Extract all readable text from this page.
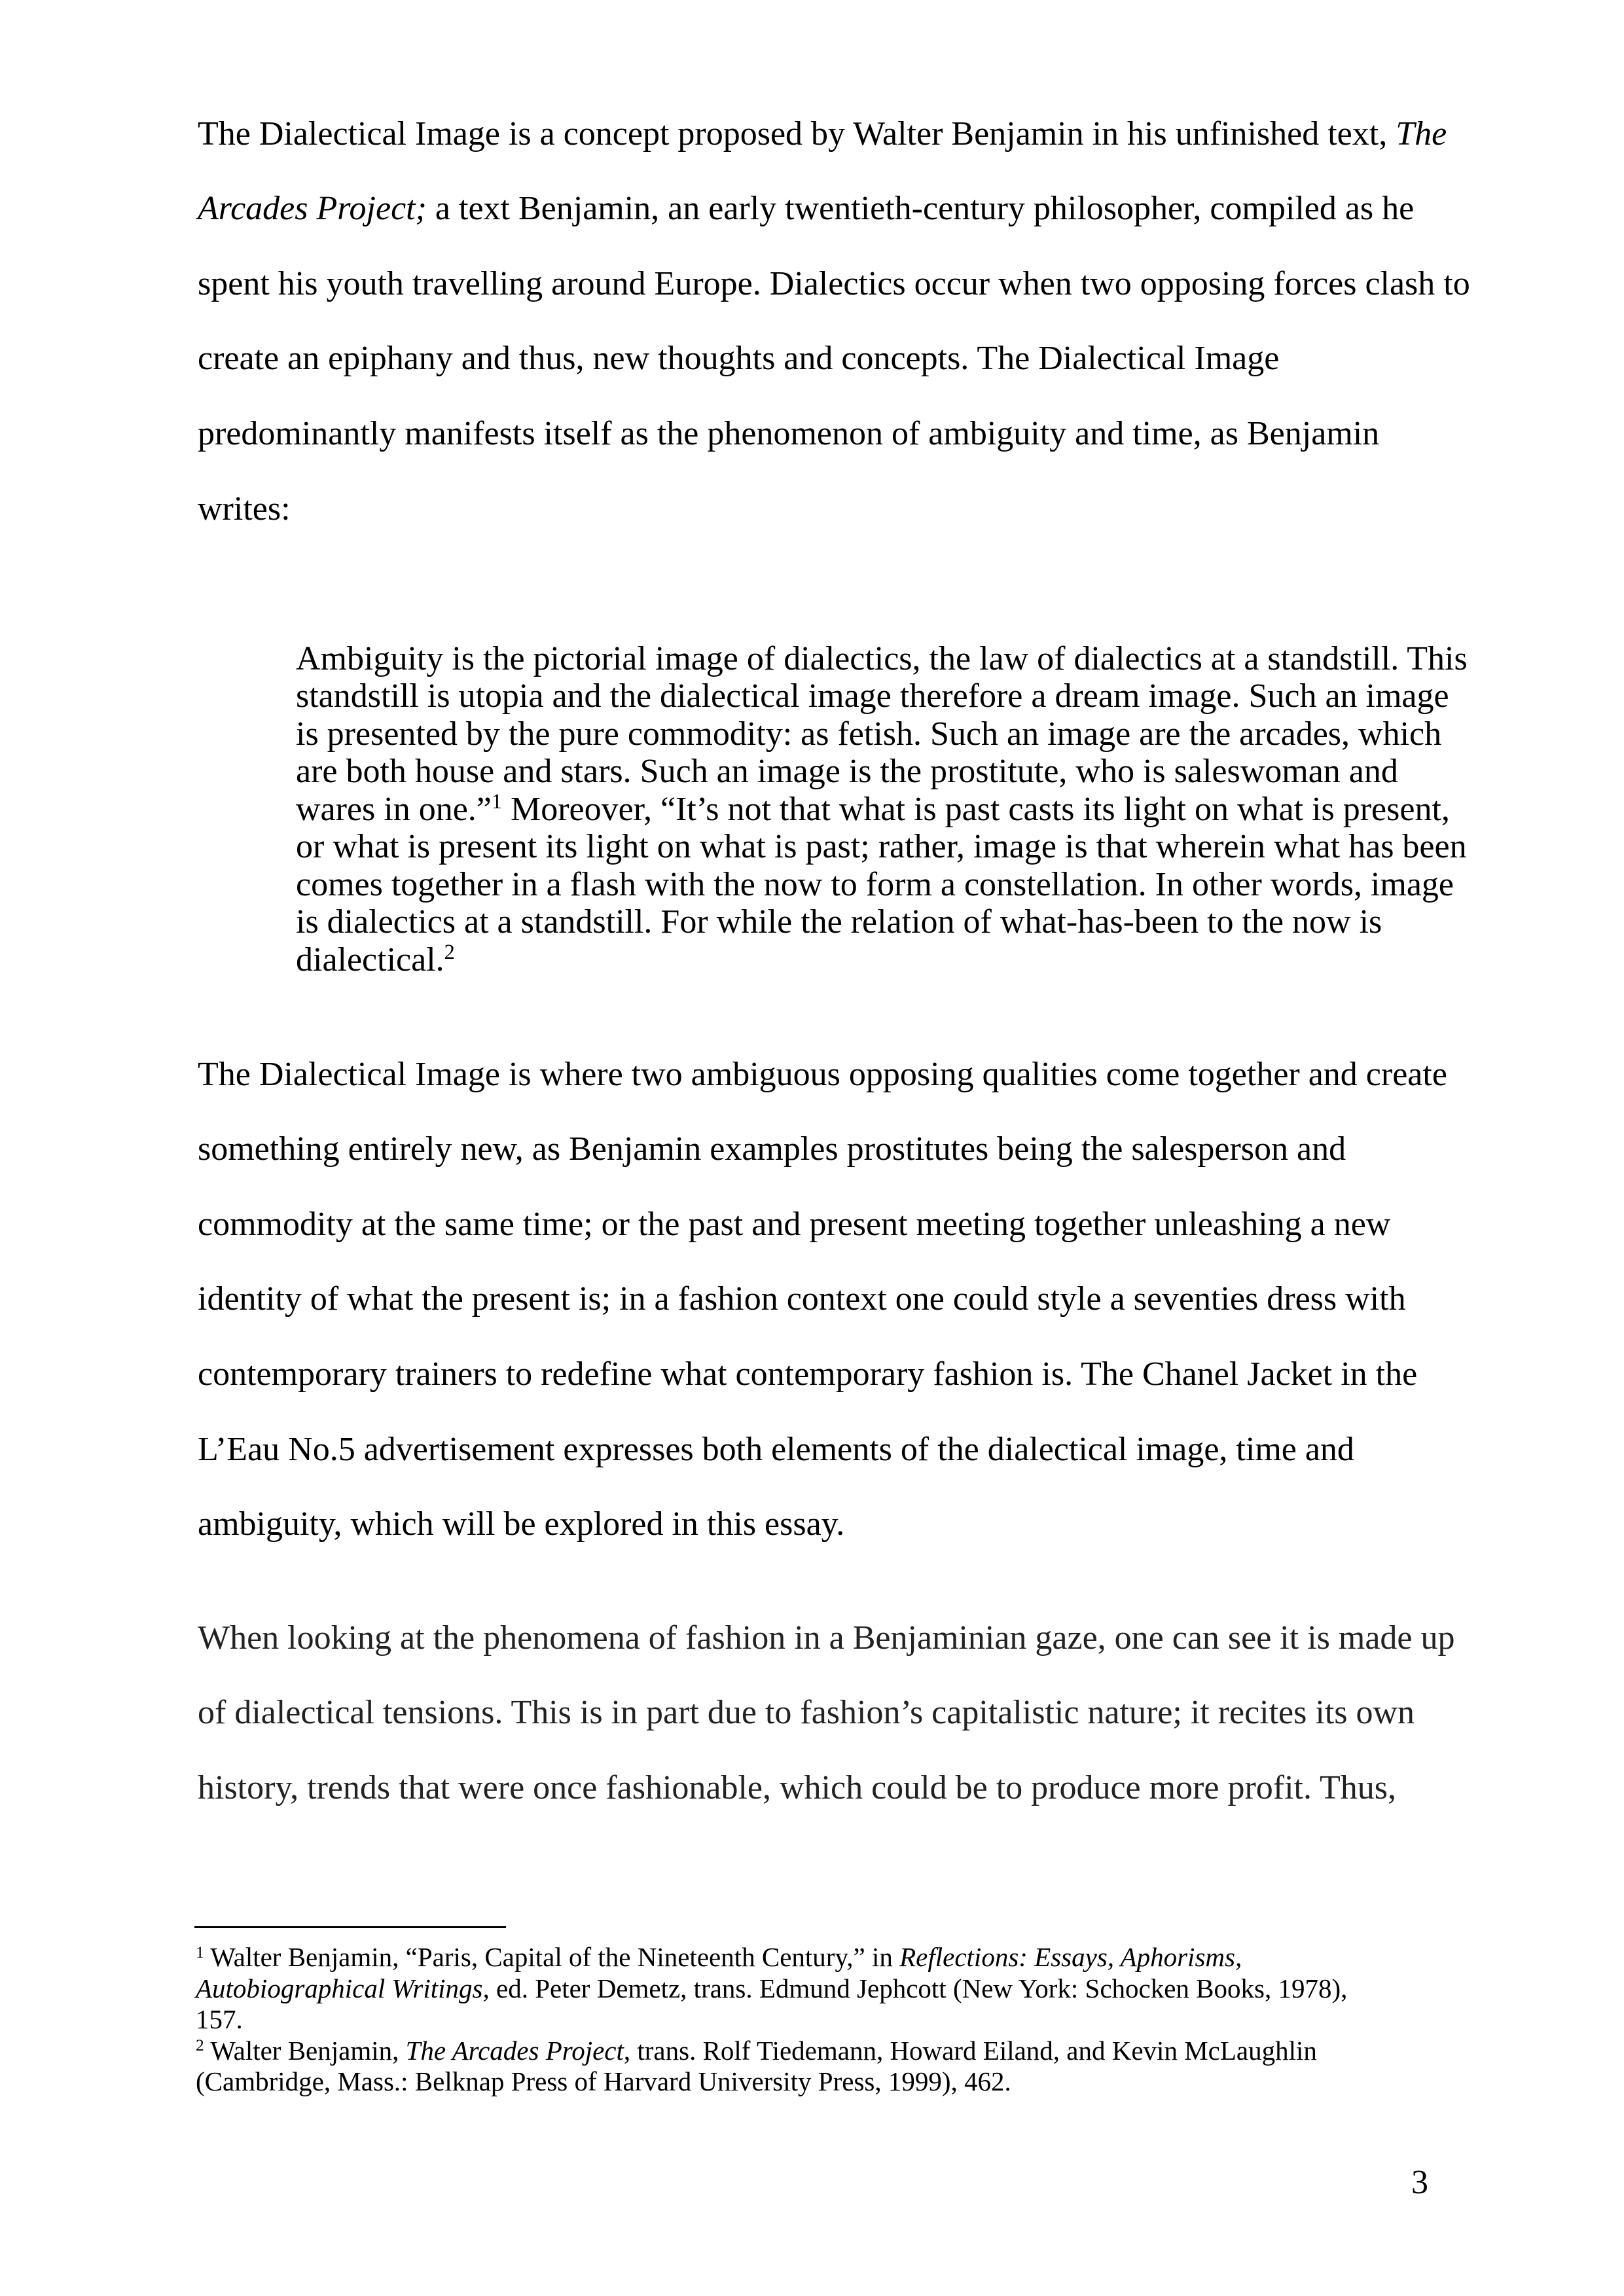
The Dialectical Image is a concept proposed by Walter Benjamin in his unfinished text, The
Arcades Project; a text Benjamin, an early twentieth-century philosopher, compiled as he
spent his youth travelling around Europe. Dialectics occur when two opposing forces clash to
create an epiphany and thus, new thoughts and concepts. The Dialectical Image
predominantly manifests itself as the phenomenon of ambiguity and time, as Benjamin
writes:
Ambiguity is the pictorial image of dialectics, the law of dialectics at a standstill. This
standstill is utopia and the dialectical image therefore a dream image. Such an image
is presented by the pure commodity: as fetish. Such an image are the arcades, which
are both house and stars. Such an image is the prostitute, who is saleswoman and
wares in one.”$^1$ Moreover, “It’s not that what is past casts its light on what is present,
or what is present its light on what is past; rather, image is that wherein what has been
comes together in a flash with the now to form a constellation. In other words, image
is dialectics at a standstill. For while the relation of what-has-been to the now is
dialectical.$^2$
The Dialectical Image is where two ambiguous opposing qualities come together and create
something entirely new, as Benjamin examples prostitutes being the salesperson and
commodity at the same time; or the past and present meeting together unleashing a new
identity of what the present is; in a fashion context one could style a seventies dress with
contemporary trainers to redefine what contemporary fashion is. The Chanel Jacket in the
L’Eau No.5 advertisement expresses both elements of the dialectical image, time and
ambiguity, which will be explored in this essay.
When looking at the phenomena of fashion in a Benjaminian gaze, one can see it is made up
of dialectical tensions. This is in part due to fashion’s capitalistic nature; it recites its own
history, trends that were once fashionable, which could be to produce more profit. Thus,
$^1$ Walter Benjamin, “Paris, Capital of the Nineteenth Century,” in Reflections: Essays, Aphorisms,
Autobiographical Writings, ed. Peter Demetz, trans. Edmund Jephcott (New York: Schocken Books, 1978),
157.
$^2$ Walter Benjamin, The Arcades Project, trans. Rolf Tiedemann, Howard Eiland, and Kevin McLaughlin
(Cambridge, Mass.: Belknap Press of Harvard University Press, 1999), 462.
3
